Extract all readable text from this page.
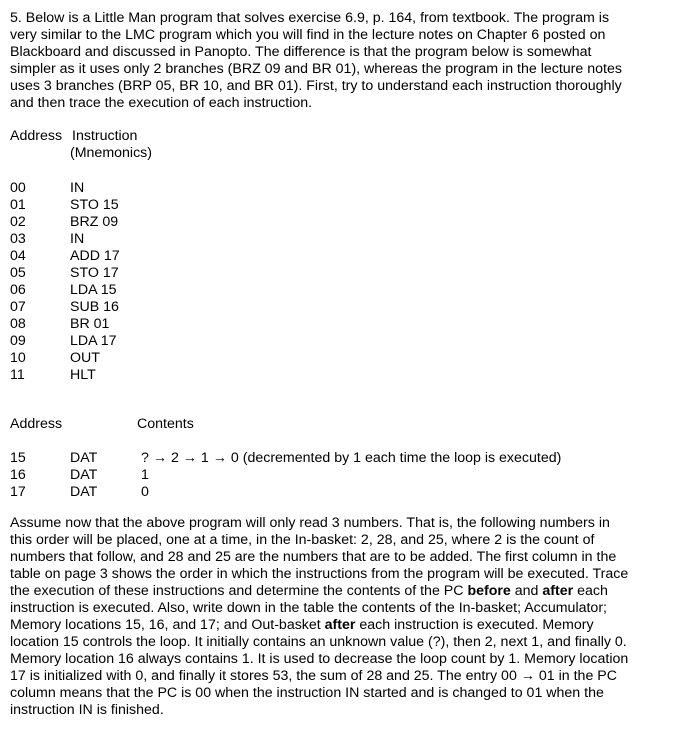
5. Below is a Little Man program that solves exercise 6.9, p. 164, from textbook. The program is
very similar to the LMC program which you will find in the lecture notes on Chapter 6 posted on
Blackboard and discussed in Panopto. The difference is that the program below is somewhat
simpler as it uses only 2 branches (BRZ 09 and BR 01), whereas the program in the lecture notes
uses 3 branches (BRP 05, BR 10, and BR 01). First, try to understand each instruction thoroughly
and then trace the execution of each instruction.
Address Instruction
(Mnemonics)
00	IN
01	STO 15
02	BRZ 09
03	IN
04	ADD 17
05	STO 17
06	LDA 15
07	SUB 16
08	BR 01
09	LDA 17
10	OUT
11	HLT
Address	Contents
15	DAT	? → 2 → 1 → 0 (decremented by 1 each time the loop is executed)
16	DAT	1
17	DAT	0
Assume now that the above program will only read 3 numbers. That is, the following numbers in
this order will be placed, one at a time, in the In-basket: 2, 28, and 25, where 2 is the count of
numbers that follow, and 28 and 25 are the numbers that are to be added. The first column in the
table on page 3 shows the order in which the instructions from the program will be executed. Trace
the execution of these instructions and determine the contents of the PC before and after each
instruction is executed. Also, write down in the table the contents of the In-basket; Accumulator;
Memory locations 15, 16, and 17; and Out-basket after each instruction is executed. Memory
location 15 controls the loop. It initially contains an unknown value (?), then 2, next 1, and finally 0.
Memory location 16 always contains 1. It is used to decrease the loop count by 1. Memory location
17 is initialized with 0, and finally it stores 53, the sum of 28 and 25. The entry 00 → 01 in the PC
column means that the PC is 00 when the instruction IN started and is changed to 01 when the
instruction IN is finished.
